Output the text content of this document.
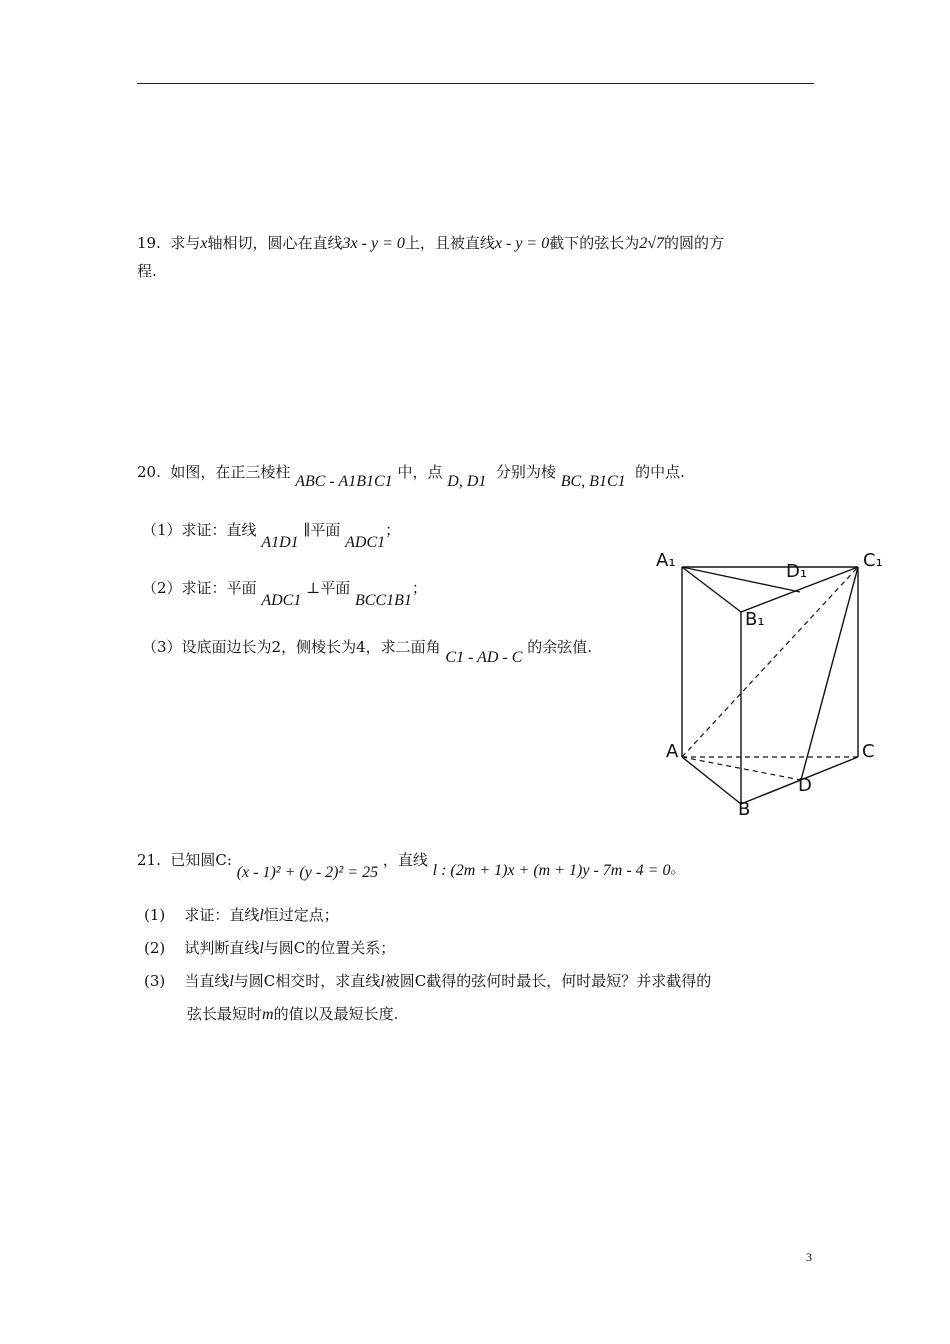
19. 求与x轴相切，圆心在直线3x - y = 0上，且被直线x - y = 0截下的弦长为2√7的圆的方
程.
20. 如图，在正三棱柱 ABC - A1B1C1 中，点 D, D1  分别为棱 BC, B1C1  的中点.
（1）求证：直线 A1D1 ∥平面 ADC1；
（2）求证：平面 ADC1 ⊥平面 BCC1B1；
（3）设底面边长为2，侧棱长为4，求二面角 C1 - AD - C 的余弦值.
A₁
D₁
C₁
B₁
A	C
D
B
21. 已知圆C: (x - 1)² + (y - 2)² = 25 ，直线 l : (2m + 1)x + (m + 1)y - 7m - 4 = 0。
(1) 求证：直线l恒过定点；
(2) 试判断直线l与圆C的位置关系；
(3) 当直线l与圆C相交时，求直线l被圆C截得的弦何时最长，何时最短？并求截得的
弦长最短时m的值以及最短长度.
3
